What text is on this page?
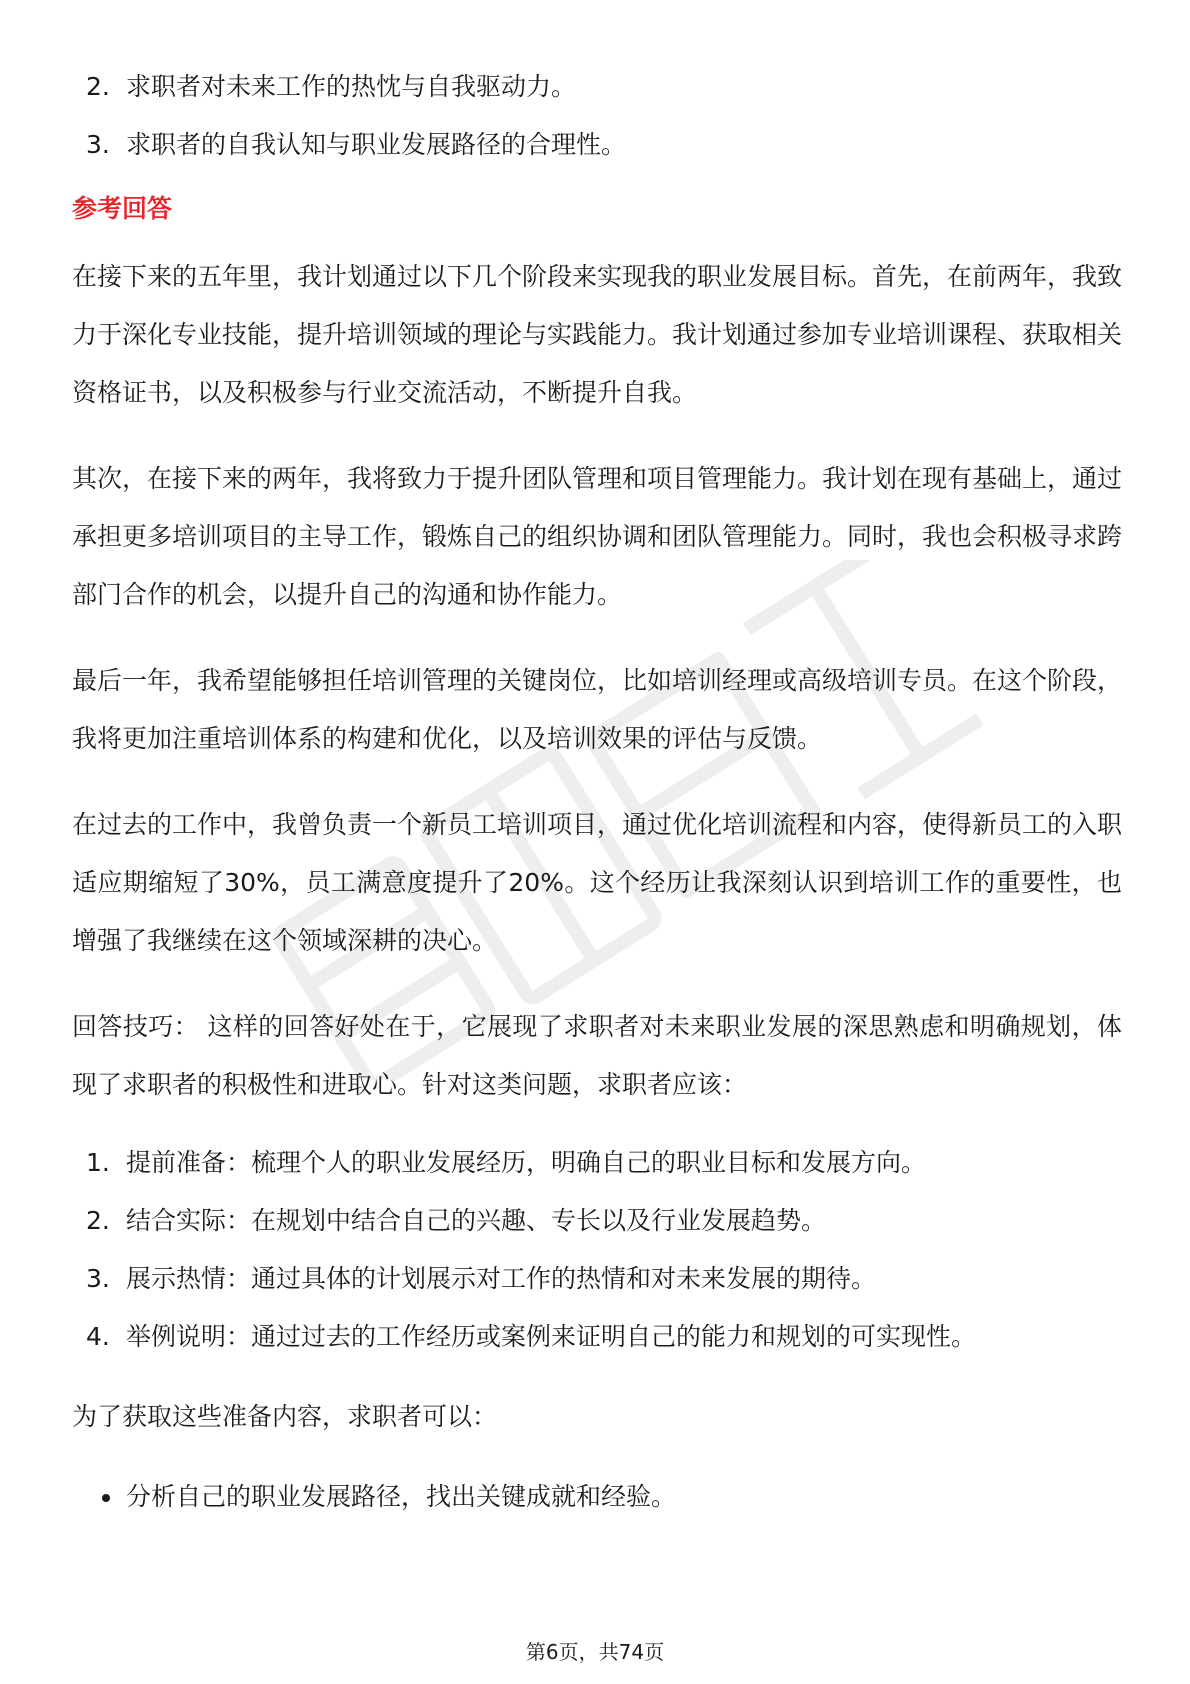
2. 求职者对未来工作的热忱与自我驱动力。
3. 求职者的自我认知与职业发展路径的合理性。
参考回答

在接下来的五年里，我计划通过以下几个阶段来实现我的职业发展目标。首先，在前两年，我致力于深化专业技能，提升培训领域的理论与实践能力。我计划通过参加专业培训课程、获取相关资格证书，以及积极参与行业交流活动，不断提升自我。

其次，在接下来的两年，我将致力于提升团队管理和项目管理能力。我计划在现有基础上，通过承担更多培训项目的主导工作，锻炼自己的组织协调和团队管理能力。同时，我也会积极寻求跨部门合作的机会，以提升自己的沟通和协作能力。

最后一年，我希望能够担任培训管理的关键岗位，比如培训经理或高级培训专员。在这个阶段，我将更加注重培训体系的构建和优化，以及培训效果的评估与反馈。

在过去的工作中，我曾负责一个新员工培训项目，通过优化培训流程和内容，使得新员工的入职适应期缩短了30%，员工满意度提升了20%。这个经历让我深刻认识到培训工作的重要性，也增强了我继续在这个领域深耕的决心。

回答技巧： 这样的回答好处在于，它展现了求职者对未来职业发展的深思熟虑和明确规划，体现了求职者的积极性和进取心。针对这类问题，求职者应该：

1. 提前准备：梳理个人的职业发展经历，明确自己的职业目标和发展方向。
2. 结合实际：在规划中结合自己的兴趣、专长以及行业发展趋势。
3. 展示热情：通过具体的计划展示对工作的热情和对未来发展的期待。
4. 举例说明：通过过去的工作经历或案例来证明自己的能力和规划的可实现性。

为了获取这些准备内容，求职者可以：

分析自己的职业发展路径，找出关键成就和经验。
第6页，共74页
